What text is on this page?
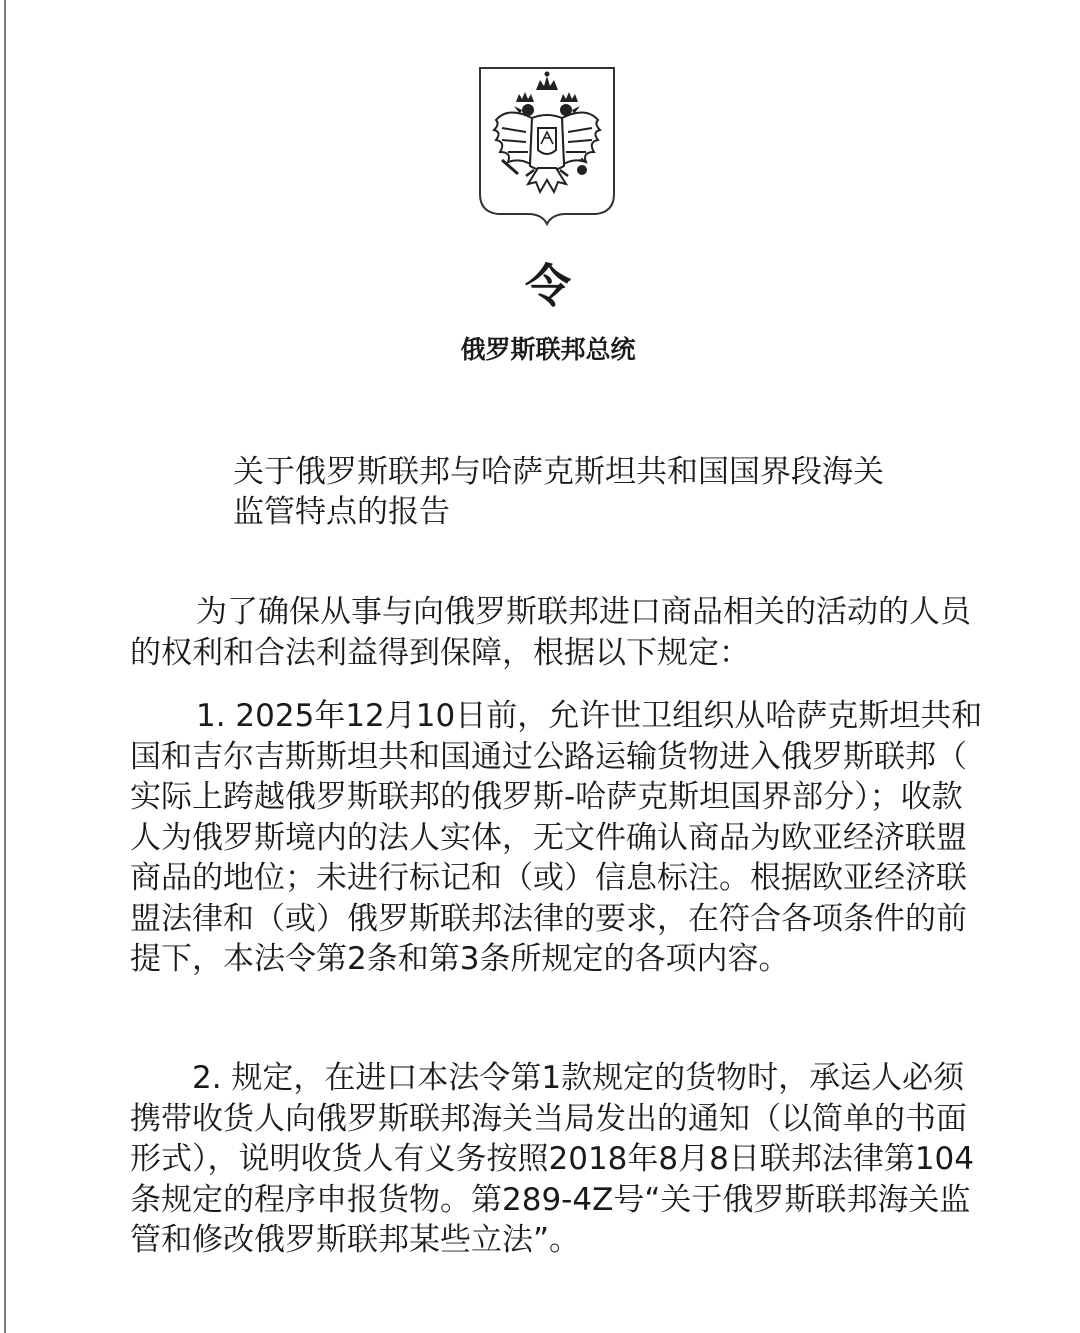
令
俄罗斯联邦总统
关于俄罗斯联邦与哈萨克斯坦共和国国界段海关
监管特点的报告
为了确保从事与向俄罗斯联邦进口商品相关的活动的人员
的权利和合法利益得到保障，根据以下规定：
1. 2025年12月10日前，允许世卫组织从哈萨克斯坦共和
国和吉尔吉斯斯坦共和国通过公路运输货物进入俄罗斯联邦（
实际上跨越俄罗斯联邦的俄罗斯-哈萨克斯坦国界部分）；收款
人为俄罗斯境内的法人实体，无文件确认商品为欧亚经济联盟
商品的地位；未进行标记和（或）信息标注。根据欧亚经济联
盟法律和（或）俄罗斯联邦法律的要求，在符合各项条件的前
提下，本法令第2条和第3条所规定的各项内容。
2. 规定，在进口本法令第1款规定的货物时，承运人必须
携带收货人向俄罗斯联邦海关当局发出的通知（以简单的书面
形式），说明收货人有义务按照2018年8月8日联邦法律第104
条规定的程序申报货物。第289-4Z号“关于俄罗斯联邦海关监
管和修改俄罗斯联邦某些立法”。
